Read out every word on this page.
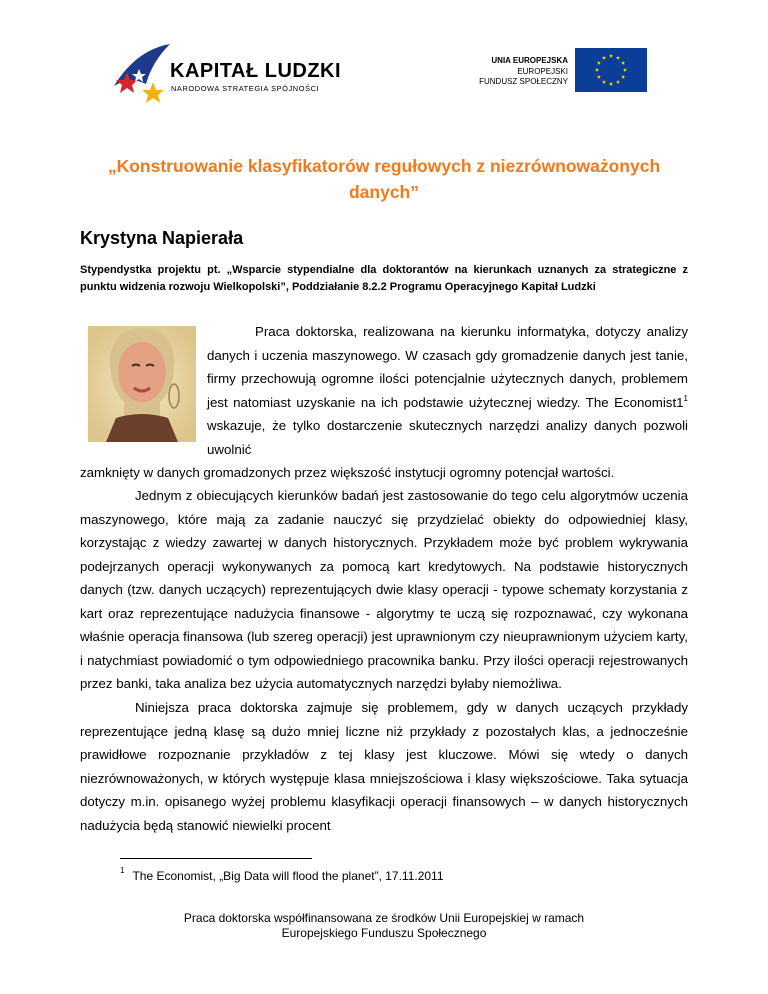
KAPITAŁ LUDZKI
NARODOWA STRATEGIA SPÓJNOŚCI
UNIA EUROPEJSKA
EUROPEJSKI
FUNDUSZ SPOŁECZNY
„Konstruowanie klasyfikatorów regułowych z niezrównoważonych danych”
Krystyna Napierała
Stypendystka projektu pt. „Wsparcie stypendialne dla doktorantów na kierunkach uznanych za strategiczne z punktu widzenia rozwoju Wielkopolski”, Poddziałanie 8.2.2 Programu Operacyjnego Kapitał Ludzki
Praca doktorska, realizowana na kierunku informatyka, dotyczy analizy danych i uczenia maszynowego. W czasach gdy gromadzenie danych jest tanie, firmy przechowują ogromne ilości potencjalnie użytecznych danych, problemem jest natomiast uzyskanie na ich podstawie użytecznej wiedzy. The Economist1$^1$ wskazuje, że tylko dostarczenie skutecznych narzędzi analizy danych pozwoli uwolnić
zamknięty w danych gromadzonych przez większość instytucji ogromny potencjał wartości.
Jednym z obiecujących kierunków badań jest zastosowanie do tego celu algorytmów uczenia maszynowego, które mają za zadanie nauczyć się przydzielać obiekty do odpowiedniej klasy, korzystając z wiedzy zawartej w danych historycznych. Przykładem może być problem wykrywania podejrzanych operacji wykonywanych za pomocą kart kredytowych. Na podstawie historycznych danych (tzw. danych uczących) reprezentujących dwie klasy operacji - typowe schematy korzystania z kart oraz reprezentujące nadużycia finansowe - algorytmy te uczą się rozpoznawać, czy wykonana właśnie operacja finansowa (lub szereg operacji) jest uprawnionym czy nieuprawnionym użyciem karty, i natychmiast powiadomić o tym odpowiedniego pracownika banku. Przy ilości operacji rejestrowanych przez banki, taka analiza bez użycia automatycznych narzędzi byłaby niemożliwa.
Niniejsza praca doktorska zajmuje się problemem, gdy w danych uczących przykłady reprezentujące jedną klasę są dużo mniej liczne niż przykłady z pozostałych klas, a jednocześnie prawidłowe rozpoznanie przykładów z tej klasy jest kluczowe. Mówi się wtedy o danych niezrównoważonych, w których występuje klasa mniejszościowa i klasy większościowe. Taka sytuacja dotyczy m.in. opisanego wyżej problemu klasyfikacji operacji finansowych – w danych historycznych nadużycia będą stanowić niewielki procent
$^1$ The Economist, „Big Data will flood the planet”, 17.11.2011
Praca doktorska współfinansowana ze środków Unii Europejskiej w ramach
Europejskiego Funduszu Społecznego
